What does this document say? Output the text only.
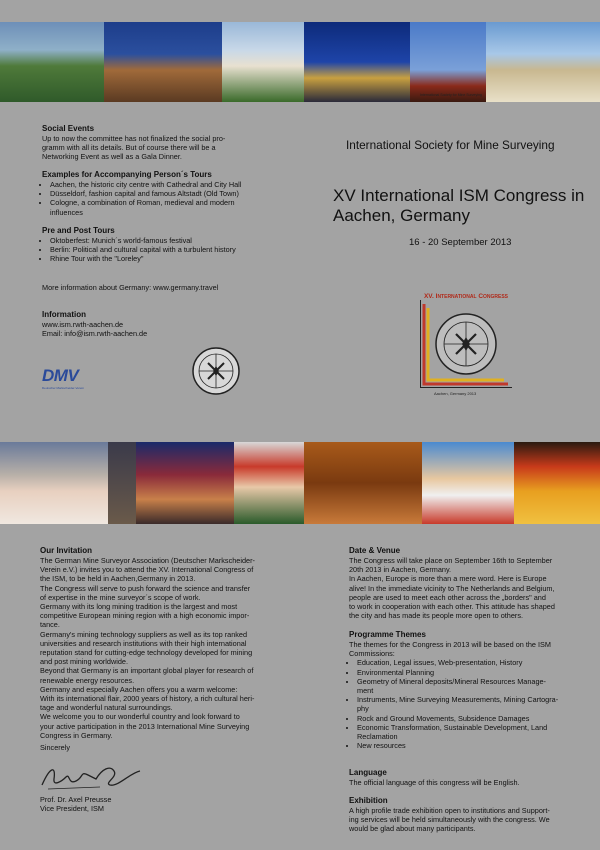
Social Events
Up to now the committee has not finalized the social pro-
gramm with all its details. But of course there will be a
Networking Event as well as a Gala Dinner.
Examples for Accompanying Person´s Tours
• Aachen, the historic city centre with Cathedral and City Hall
• Düsseldorf, fashion capital and famous Altstadt (Old Town)
• Cologne, a combination of Roman, medieval and modern
influences
Pre and Post Tours
• Oktoberfest: Munich´s world-famous festival
• Berlin: Political and cultural capital with a turbulent history
• Rhine Tour with the "Loreley"
More information about Germany: www.germany.travel
Information
www.ism.rwth-aachen.de
Email: info@ism.rwth-aachen.de
DMV
Deutscher Markscheider-Verein
International Society for Mine Surveying
XV International ISM Congress in
Aachen, Germany
16 - 20 September 2013
XV. International Congress
International Society for Mine Surveying
Aachen, Germany 2013
Our Invitation
The German Mine Surveyor Association (Deutscher Markscheider-
Verein e.V.) invites you to attend the XV. International Congress of
the ISM, to be held in Aachen,Germany in 2013.
The Congress will serve to push forward the science and transfer
of expertise in the mine surveyor´s scope of work.
Germany with its long mining tradition is the largest and most
competitive European mining region with a high economic impor-
tance.
Germany's mining technology suppliers as well as its top ranked
universities and research institutions with their high international
reputation stand for cutting-edge technology developed for mining
and post mining worldwide.
Beyond that Germany is an important global player for research of
renewable energy resources.
Germany and especially Aachen offers you a warm welcome:
With its international flair, 2000 years of history, a rich cultural heri-
tage and wonderful natural surroundings.
We welcome you to our wonderful country and look forward to
your active participation in the 2013 International Mine Surveying
Congress in Germany.
Sincerely
Prof. Dr. Axel Preusse
Vice President, ISM
Date & Venue
The Congress will take place on September 16th to September
20th 2013 in Aachen, Germany.
In Aachen, Europe is more than a mere word. Here is Europe
alive! In the immediate vicinity to The Netherlands and Belgium,
people are used to meet each other across the „borders" and
to work in cooperation with each other. This attitude has shaped
the city and has made its people more open to others.
Programme Themes
The themes for the Congress in 2013 will be based on the ISM
Commissions:
• Education, Legal issues, Web-presentation, History
• Environmental Planning
• Geometry of Mineral deposits/Mineral Resources Manage-
ment
• Instruments, Mine Surveying Measurements, Mining Cartogra-
phy
• Rock and Ground Movements, Subsidence Damages
• Economic Transformation, Sustainable Development, Land
Reclamation
• New resources
Language
The official language of this congress will be English.
Exhibition
A high profile trade exhibition open to institutions and Support-
ing services will be held simultaneously with the congress. We
would be glad about many participants.
